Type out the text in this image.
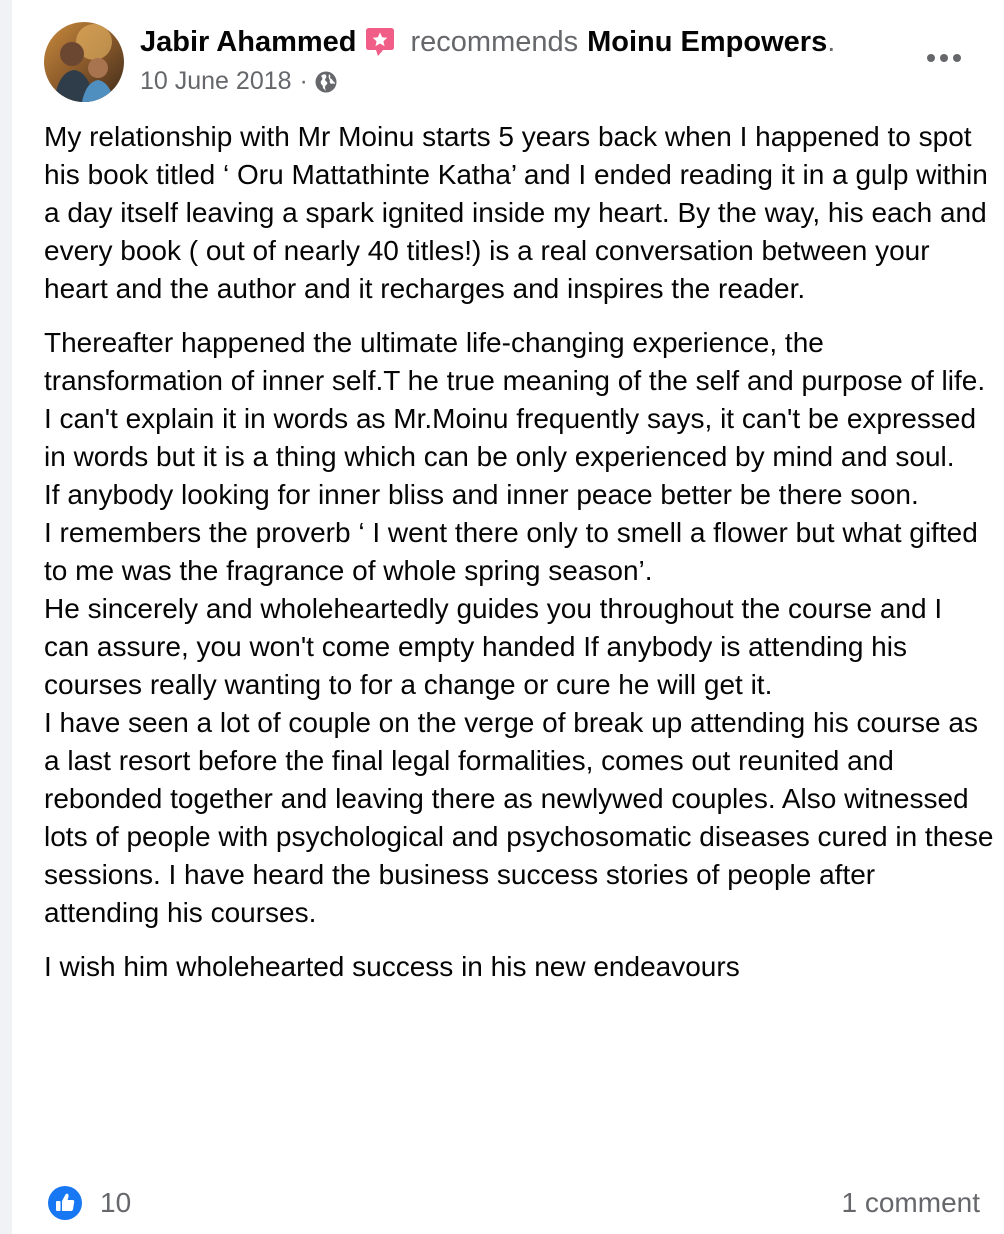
Jabir Ahammed recommends Moinu Empowers .
10 June 2018 ·

My relationship with Mr Moinu starts 5 years back when I happened to spot his book titled ‘ Oru Mattathinte Katha’ and I ended reading it in a gulp within a day itself leaving a spark ignited inside my heart. By the way, his each and every book ( out of nearly 40 titles!) is a real conversation between your heart and the author and it recharges and inspires the reader.

Thereafter happened the ultimate life-changing experience, the transformation of inner self.T he true meaning of the self and purpose of life. I can't explain it in words as Mr.Moinu frequently says, it can't be expressed in words but it is a thing which can be only experienced by mind and soul.
If anybody looking for inner bliss and inner peace better be there soon.
I remembers the proverb ‘ I went there only to smell a flower but what gifted to me was the fragrance of whole spring season’.
He sincerely and wholeheartedly guides you throughout the course and I can assure, you won't come empty handed If anybody is attending his courses really wanting to for a change or cure he will get it.
I have seen a lot of couple on the verge of break up attending his course as a last resort before the final legal formalities, comes out reunited and rebonded together and leaving there as newlywed couples. Also witnessed lots of people with psychological and psychosomatic diseases cured in these sessions. I have heard the business success stories of people after attending his courses.

I wish him wholehearted success in his new endeavours

10	1 comment
